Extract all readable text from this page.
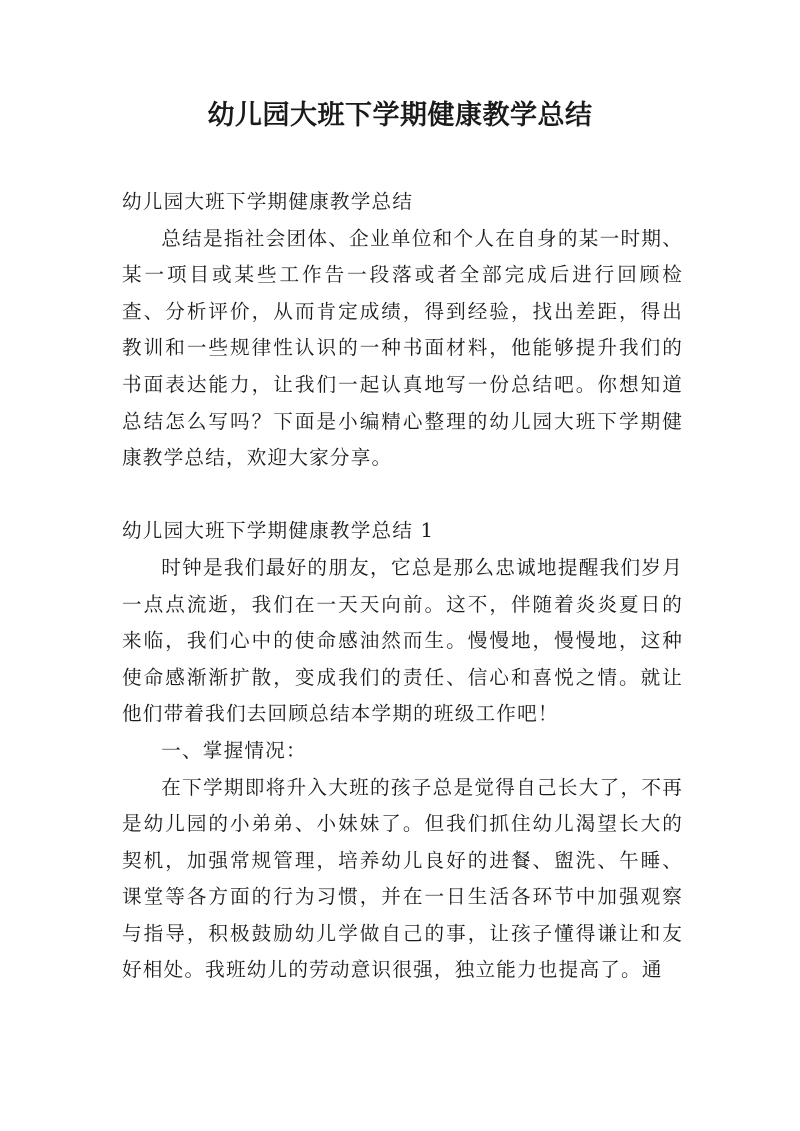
幼儿园大班下学期健康教学总结

幼儿园大班下学期健康教学总结

总结是指社会团体、企业单位和个人在自身的某一时期、某一项目或某些工作告一段落或者全部完成后进行回顾检查、分析评价，从而肯定成绩，得到经验，找出差距，得出教训和一些规律性认识的一种书面材料，他能够提升我们的书面表达能力，让我们一起认真地写一份总结吧。你想知道总结怎么写吗？下面是小编精心整理的幼儿园大班下学期健康教学总结，欢迎大家分享。

幼儿园大班下学期健康教学总结 1

时钟是我们最好的朋友，它总是那么忠诚地提醒我们岁月一点点流逝，我们在一天天向前。这不，伴随着炎炎夏日的来临，我们心中的使命感油然而生。慢慢地，慢慢地，这种使命感渐渐扩散，变成我们的责任、信心和喜悦之情。就让他们带着我们去回顾总结本学期的班级工作吧！

一、掌握情况：

在下学期即将升入大班的孩子总是觉得自己长大了，不再是幼儿园的小弟弟、小妹妹了。但我们抓住幼儿渴望长大的契机，加强常规管理，培养幼儿良好的进餐、盥洗、午睡、课堂等各方面的行为习惯，并在一日生活各环节中加强观察与指导，积极鼓励幼儿学做自己的事，让孩子懂得谦让和友好相处。我班幼儿的劳动意识很强，独立能力也提高了。通
